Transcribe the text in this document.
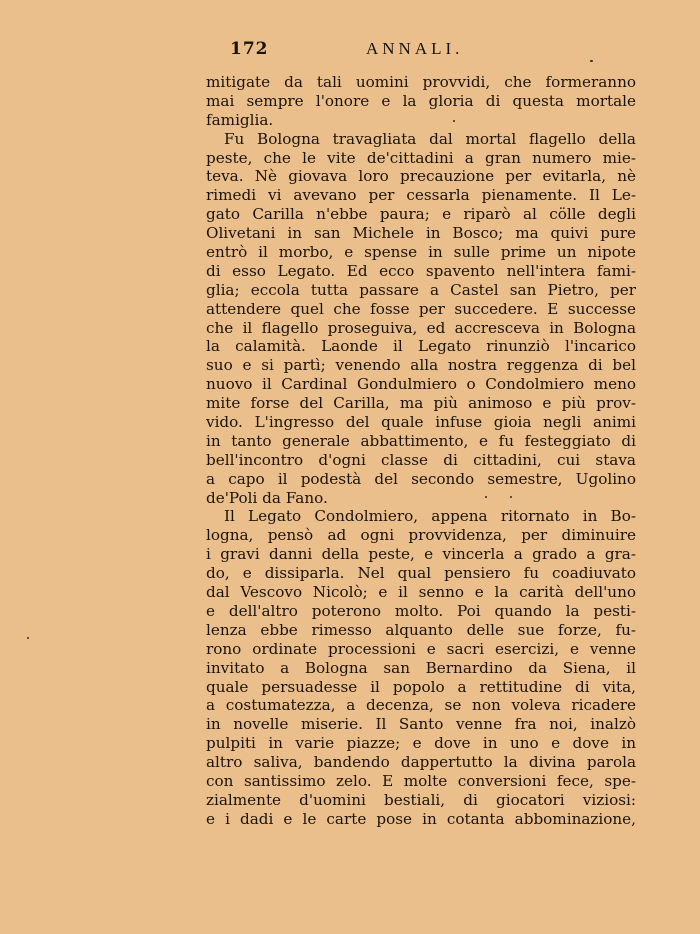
172	ANNALI.
mitigate da tali uomini provvidi, che formeranno
mai sempre l'onore e la gloria di questa mortale
famiglia.
Fu Bologna travagliata dal mortal flagello della
peste, che le vite de'cittadini a gran numero mie-
teva. Nè giovava loro precauzione per evitarla, nè
rimedi vi avevano per cessarla pienamente. Il Le-
gato Carilla n'ebbe paura; e riparò al cölle degli
Olivetani in san Michele in Bosco; ma quivi pure
entrò il morbo, e spense in sulle prime un nipote
di esso Legato. Ed ecco spavento nell'intera fami-
glia; eccola tutta passare a Castel san Pietro, per
attendere quel che fosse per succedere. E successe
che il flagello proseguiva, ed accresceva in Bologna
la calamità. Laonde il Legato rinunziò l'incarico
suo e si partì; venendo alla nostra reggenza di bel
nuovo il Cardinal Gondulmiero o Condolmiero meno
mite forse del Carilla, ma più animoso e più prov-
vido. L'ingresso del quale infuse gioia negli animi
in tanto generale abbattimento, e fu festeggiato di
bell'incontro d'ogni classe di cittadini, cui stava
a capo il podestà del secondo semestre, Ugolino
de'Poli da Fano.
Il Legato Condolmiero, appena ritornato in Bo-
logna, pensò ad ogni provvidenza, per diminuire
i gravi danni della peste, e vincerla a grado a gra-
do, e dissiparla. Nel qual pensiero fu coadiuvato
dal Vescovo Nicolò; e il senno e la carità dell'uno
e dell'altro poterono molto. Poi quando la pesti-
lenza ebbe rimesso alquanto delle sue forze, fu-
rono ordinate processioni e sacri esercizi, e venne
invitato a Bologna san Bernardino da Siena, il
quale persuadesse il popolo a rettitudine di vita,
a costumatezza, a decenza, se non voleva ricadere
in novelle miserie. Il Santo venne fra noi, inalzò
pulpiti in varie piazze; e dove in uno e dove in
altro saliva, bandendo dappertutto la divina parola
con santissimo zelo. E molte conversioni fece, spe-
zialmente d'uomini bestiali, di giocatori viziosi:
e i dadi e le carte pose in cotanta abbominazione,
